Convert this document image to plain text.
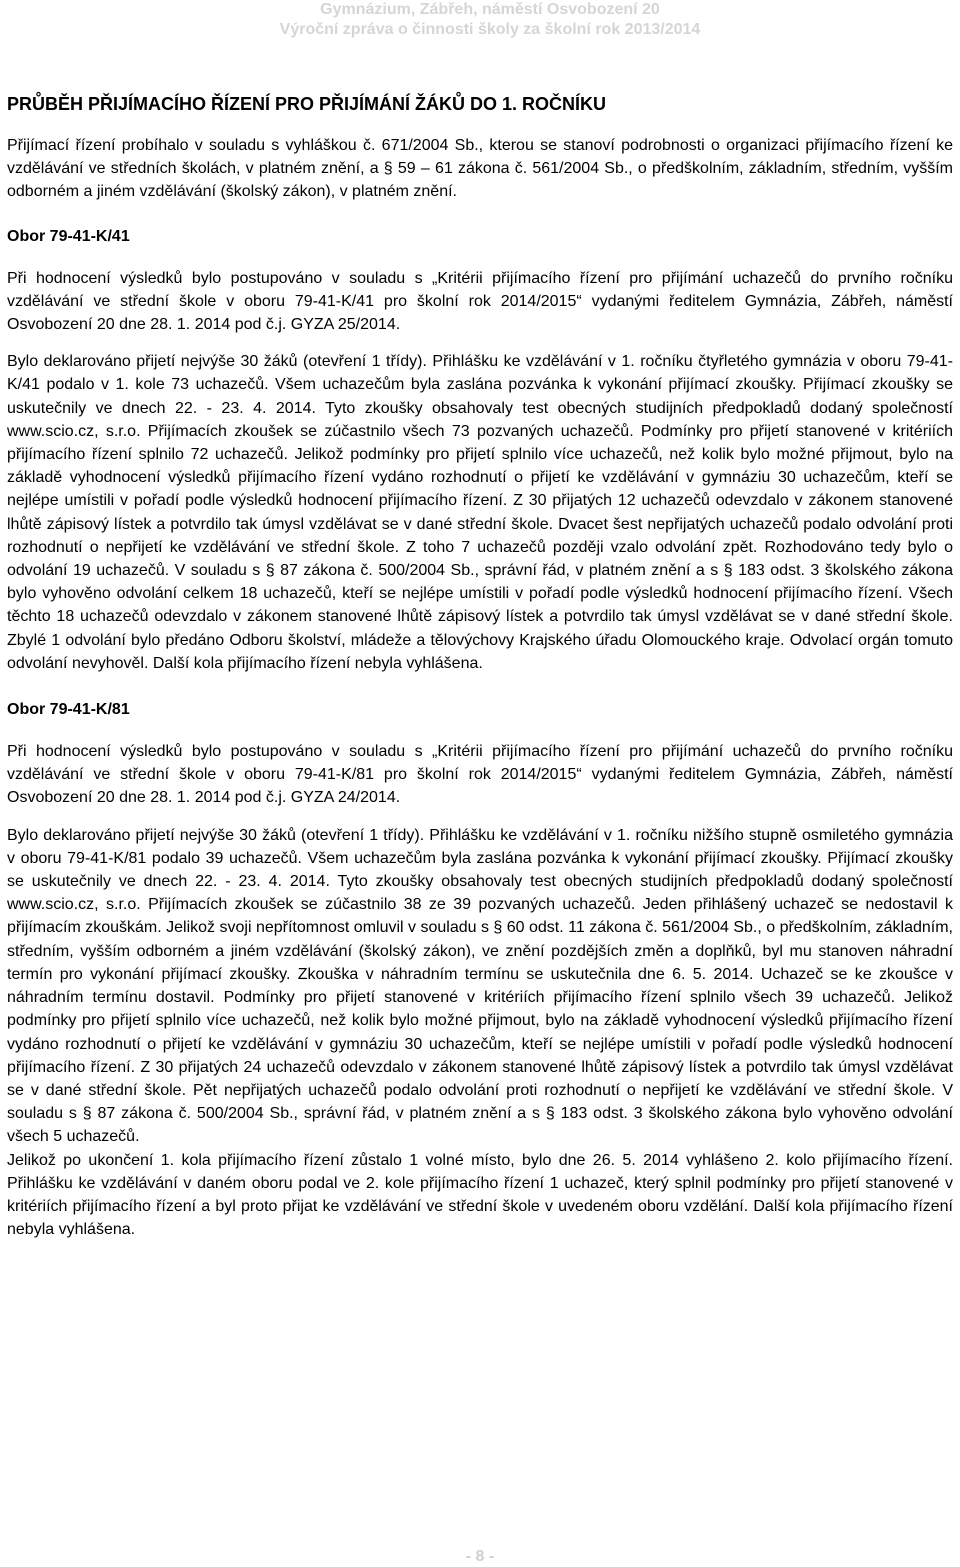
Gymnázium, Zábřeh, náměstí Osvobození 20
Výroční zpráva o činnosti školy za školní rok 2013/2014
PRŮBĚH PŘIJÍMACÍHO ŘÍZENÍ PRO PŘIJÍMÁNÍ ŽÁKŮ DO 1. ROČNÍKU

Přijímací řízení probíhalo v souladu s vyhláškou č. 671/2004 Sb., kterou se stanoví podrobnosti o organizaci přijímacího řízení ke vzdělávání ve středních školách, v platném znění, a § 59 – 61 zákona č. 561/2004 Sb., o předškolním, základním, středním, vyšším odborném a jiném vzdělávání (školský zákon), v platném znění.

Obor 79-41-K/41

Při hodnocení výsledků bylo postupováno v souladu s „Kritérii přijímacího řízení pro přijímání uchazečů do prvního ročníku vzdělávání ve střední škole v oboru 79-41-K/41 pro školní rok 2014/2015“ vydanými ředitelem Gymnázia, Zábřeh, náměstí Osvobození 20 dne 28. 1. 2014 pod č.j. GYZA 25/2014.

Bylo deklarováno přijetí nejvýše 30 žáků (otevření 1 třídy). Přihlášku ke vzdělávání v 1. ročníku čtyřletého gymnázia v oboru 79-41-K/41 podalo v 1. kole 73 uchazečů. Všem uchazečům byla zaslána pozvánka k vykonání přijímací zkoušky. Přijímací zkoušky se uskutečnily ve dnech 22. - 23. 4. 2014. Tyto zkoušky obsahovaly test obecných studijních předpokladů dodaný společností www.scio.cz, s.r.o. Přijímacích zkoušek se zúčastnilo všech 73 pozvaných uchazečů. Podmínky pro přijetí stanovené v kritériích přijímacího řízení splnilo 72 uchazečů. Jelikož podmínky pro přijetí splnilo více uchazečů, než kolik bylo možné přijmout, bylo na základě vyhodnocení výsledků přijímacího řízení vydáno rozhodnutí o přijetí ke vzdělávání v gymnáziu 30 uchazečům, kteří se nejlépe umístili v pořadí podle výsledků hodnocení přijímacího řízení. Z 30 přijatých 12 uchazečů odevzdalo v zákonem stanovené lhůtě zápisový lístek a potvrdilo tak úmysl vzdělávat se v dané střední škole. Dvacet šest nepřijatých uchazečů podalo odvolání proti rozhodnutí o nepřijetí ke vzdělávání ve střední škole. Z toho 7 uchazečů později vzalo odvolání zpět. Rozhodováno tedy bylo o odvolání 19 uchazečů. V souladu s § 87 zákona č. 500/2004 Sb., správní řád, v platném znění a s § 183 odst. 3 školského zákona bylo vyhověno odvolání celkem 18 uchazečů, kteří se nejlépe umístili v pořadí podle výsledků hodnocení přijímacího řízení. Všech těchto 18 uchazečů odevzdalo v zákonem stanovené lhůtě zápisový lístek a potvrdilo tak úmysl vzdělávat se v dané střední škole. Zbylé 1 odvolání bylo předáno Odboru školství, mládeže a tělovýchovy Krajského úřadu Olomouckého kraje. Odvolací orgán tomuto odvolání nevyhověl. Další kola přijímacího řízení nebyla vyhlášena.

Obor 79-41-K/81

Při hodnocení výsledků bylo postupováno v souladu s „Kritérii přijímacího řízení pro přijímání uchazečů do prvního ročníku vzdělávání ve střední škole v oboru 79-41-K/81 pro školní rok 2014/2015“ vydanými ředitelem Gymnázia, Zábřeh, náměstí Osvobození 20 dne 28. 1. 2014 pod č.j. GYZA 24/2014.

Bylo deklarováno přijetí nejvýše 30 žáků (otevření 1 třídy). Přihlášku ke vzdělávání v 1. ročníku nižšího stupně osmiletého gymnázia v oboru 79-41-K/81 podalo 39 uchazečů. Všem uchazečům byla zaslána pozvánka k vykonání přijímací zkoušky. Přijímací zkoušky se uskutečnily ve dnech 22. - 23. 4. 2014. Tyto zkoušky obsahovaly test obecných studijních předpokladů dodaný společností www.scio.cz, s.r.o. Přijímacích zkoušek se zúčastnilo 38 ze 39 pozvaných uchazečů. Jeden přihlášený uchazeč se nedostavil k přijímacím zkouškám. Jelikož svoji nepřítomnost omluvil v souladu s § 60 odst. 11 zákona č. 561/2004 Sb., o předškolním, základním, středním, vyšším odborném a jiném vzdělávání (školský zákon), ve znění pozdějších změn a doplňků, byl mu stanoven náhradní termín pro vykonání přijímací zkoušky. Zkouška v náhradním termínu se uskutečnila dne 6. 5. 2014. Uchazeč se ke zkoušce v náhradním termínu dostavil. Podmínky pro přijetí stanovené v kritériích přijímacího řízení splnilo všech 39 uchazečů. Jelikož podmínky pro přijetí splnilo více uchazečů, než kolik bylo možné přijmout, bylo na základě vyhodnocení výsledků přijímacího řízení vydáno rozhodnutí o přijetí ke vzdělávání v gymnáziu 30 uchazečům, kteří se nejlépe umístili v pořadí podle výsledků hodnocení přijímacího řízení. Z 30 přijatých 24 uchazečů odevzdalo v zákonem stanovené lhůtě zápisový lístek a potvrdilo tak úmysl vzdělávat se v dané střední škole. Pět nepřijatých uchazečů podalo odvolání proti rozhodnutí o nepřijetí ke vzdělávání ve střední škole. V souladu s § 87 zákona č. 500/2004 Sb., správní řád, v platném znění a s § 183 odst. 3 školského zákona bylo vyhověno odvolání všech 5 uchazečů.

Jelikož po ukončení 1. kola přijímacího řízení zůstalo 1 volné místo, bylo dne 26. 5. 2014 vyhlášeno 2. kolo přijímacího řízení. Přihlášku ke vzdělávání v daném oboru podal ve 2. kole přijímacího řízení 1 uchazeč, který splnil podmínky pro přijetí stanovené v kritériích přijímacího řízení a byl proto přijat ke vzdělávání ve střední škole v uvedeném oboru vzdělání. Další kola přijímacího řízení nebyla vyhlášena.

- 8 -
